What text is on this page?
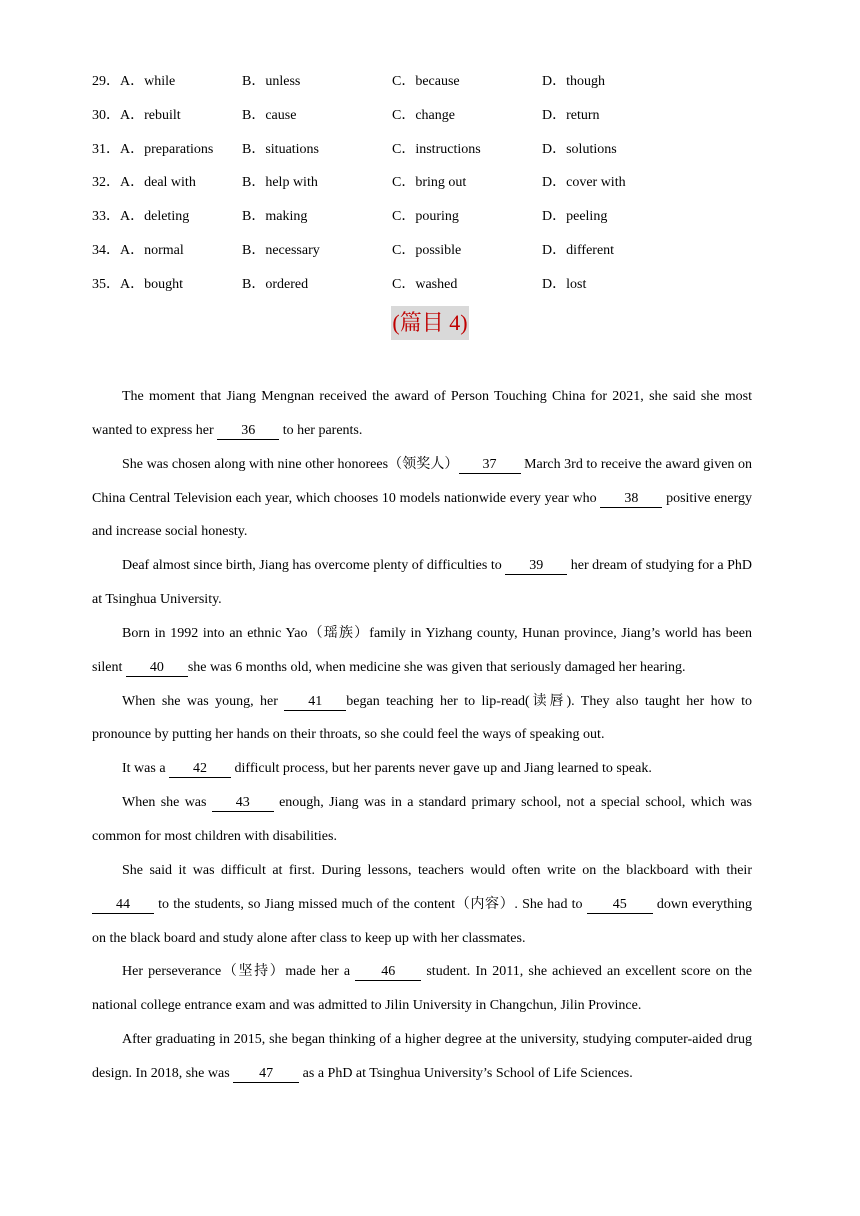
29．A．while	B．unless	C．because	D．though
30．A．rebuilt	B．cause	C．change	D．return
31．A．preparations B．situations	C．instructions	D．solutions
32．A．deal with	B．help with	C．bring out	D．cover with
33．A．deleting	B．making	C．pouring	D．peeling
34．A．normal	B．necessary	C．possible	D．different
35．A．bought	B．ordered	C．washed	D．lost
(篇目 4)

The moment that Jiang Mengnan received the award of Person Touching China for 2021, she said she most wanted to express her 36 to her parents.

She was chosen along with nine other honorees（领奖人） 37 March 3rd to receive the award given on China Central Television each year, which chooses 10 models nationwide every year who 38 positive energy and increase social honesty.

Deaf almost since birth, Jiang has overcome plenty of difficulties to 39 her dream of studying for a PhD at Tsinghua University.

Born in 1992 into an ethnic Yao（瑶族）family in Yizhang county, Hunan province, Jiang’s world has been silent 40 she was 6 months old, when medicine she was given that seriously damaged her hearing.

When she was young, her 41 began teaching her to lip-read(读唇). They also taught her how to pronounce by putting her hands on their throats, so she could feel the ways of speaking out.

It was a 42 difficult process, but her parents never gave up and Jiang learned to speak.

When she was 43 enough, Jiang was in a standard primary school, not a special school, which was common for most children with disabilities.

She said it was difficult at first. During lessons, teachers would often write on the blackboard with their 44 to the students, so Jiang missed much of the content（内容）. She had to 45 down everything on the black board and study alone after class to keep up with her classmates.

Her perseverance（坚持）made her a 46 student. In 2011, she achieved an excellent score on the national college entrance exam and was admitted to Jilin University in Changchun, Jilin Province.

After graduating in 2015, she began thinking of a higher degree at the university, studying computer-aided drug design. In 2018, she was 47 as a PhD at Tsinghua University’s School of Life Sciences.
